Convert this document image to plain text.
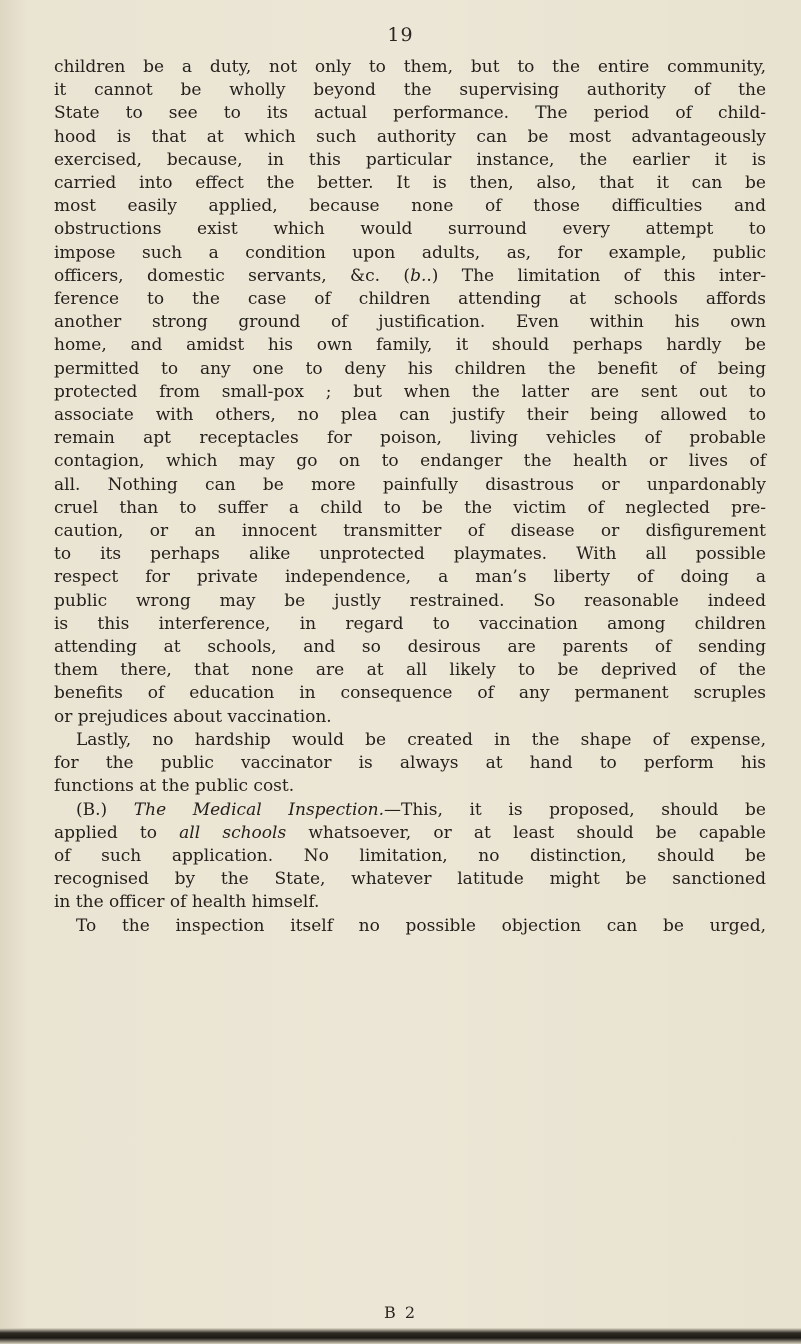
19
children be a duty, not only to them, but to the entire community,
it cannot be wholly beyond the supervising authority of the
State to see to its actual performance. The period of child-
hood is that at which such authority can be most advantageously
exercised, because, in this particular instance, the earlier it is
carried into effect the better. It is then, also, that it can be
most easily applied, because none of those difficulties and
obstructions exist which would surround every attempt to
impose such a condition upon adults, as, for example, public
officers, domestic servants, &c. (b..) The limitation of this inter-
ference to the case of children attending at schools affords
another strong ground of justification. Even within his own
home, and amidst his own family, it should perhaps hardly be
permitted to any one to deny his children the benefit of being
protected from small-pox ; but when the latter are sent out to
associate with others, no plea can justify their being allowed to
remain apt receptacles for poison, living vehicles of probable
contagion, which may go on to endanger the health or lives of
all. Nothing can be more painfully disastrous or unpardonably
cruel than to suffer a child to be the victim of neglected pre-
caution, or an innocent transmitter of disease or disfigurement
to its perhaps alike unprotected playmates. With all possible
respect for private independence, a man’s liberty of doing a
public wrong may be justly restrained. So reasonable indeed
is this interference, in regard to vaccination among children
attending at schools, and so desirous are parents of sending
them there, that none are at all likely to be deprived of the
benefits of education in consequence of any permanent scruples
or prejudices about vaccination.
Lastly, no hardship would be created in the shape of expense,
for the public vaccinator is always at hand to perform his
functions at the public cost.
(B.) The Medical Inspection.—This, it is proposed, should be
applied to all schools whatsoever, or at least should be capable
of such application. No limitation, no distinction, should be
recognised by the State, whatever latitude might be sanctioned
in the officer of health himself.
To the inspection itself no possible objection can be urged,
B 2
